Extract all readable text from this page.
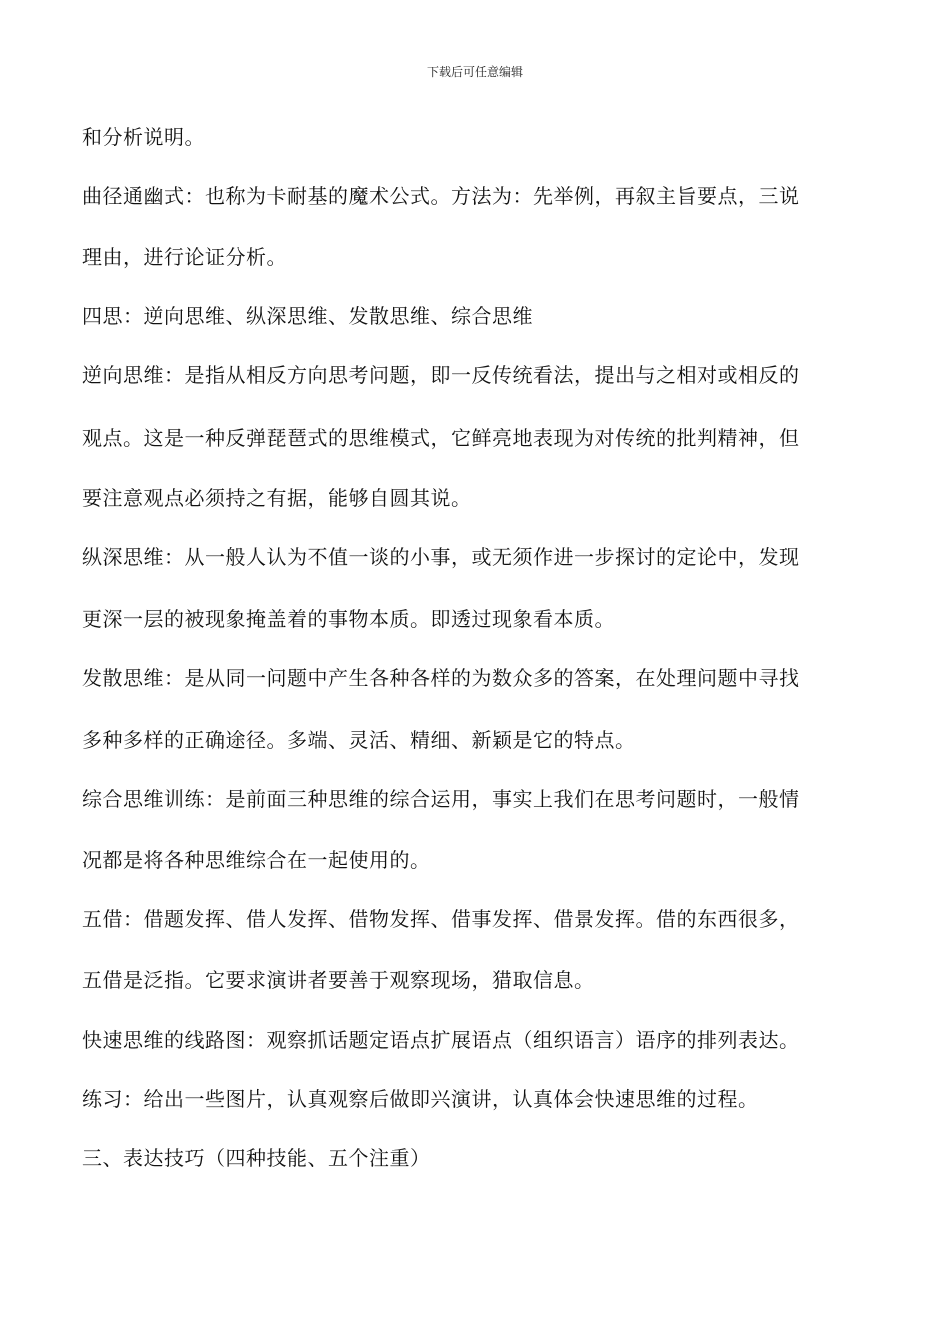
下载后可任意编辑
和分析说明。
曲径通幽式：也称为卡耐基的魔术公式。方法为：先举例，再叙主旨要点，三说
理由，进行论证分析。
四思：逆向思维、纵深思维、发散思维、综合思维
逆向思维：是指从相反方向思考问题，即一反传统看法，提出与之相对或相反的
观点。这是一种反弹琵琶式的思维模式，它鲜亮地表现为对传统的批判精神，但
要注意观点必须持之有据，能够自圆其说。
纵深思维：从一般人认为不值一谈的小事，或无须作进一步探讨的定论中，发现
更深一层的被现象掩盖着的事物本质。即透过现象看本质。
发散思维：是从同一问题中产生各种各样的为数众多的答案，在处理问题中寻找
多种多样的正确途径。多端、灵活、精细、新颖是它的特点。
综合思维训练：是前面三种思维的综合运用，事实上我们在思考问题时，一般情
况都是将各种思维综合在一起使用的。
五借：借题发挥、借人发挥、借物发挥、借事发挥、借景发挥。借的东西很多，
五借是泛指。它要求演讲者要善于观察现场，猎取信息。
快速思维的线路图：观察抓话题定语点扩展语点（组织语言）语序的排列表达。
练习：给出一些图片，认真观察后做即兴演讲，认真体会快速思维的过程。
三、表达技巧（四种技能、五个注重）
